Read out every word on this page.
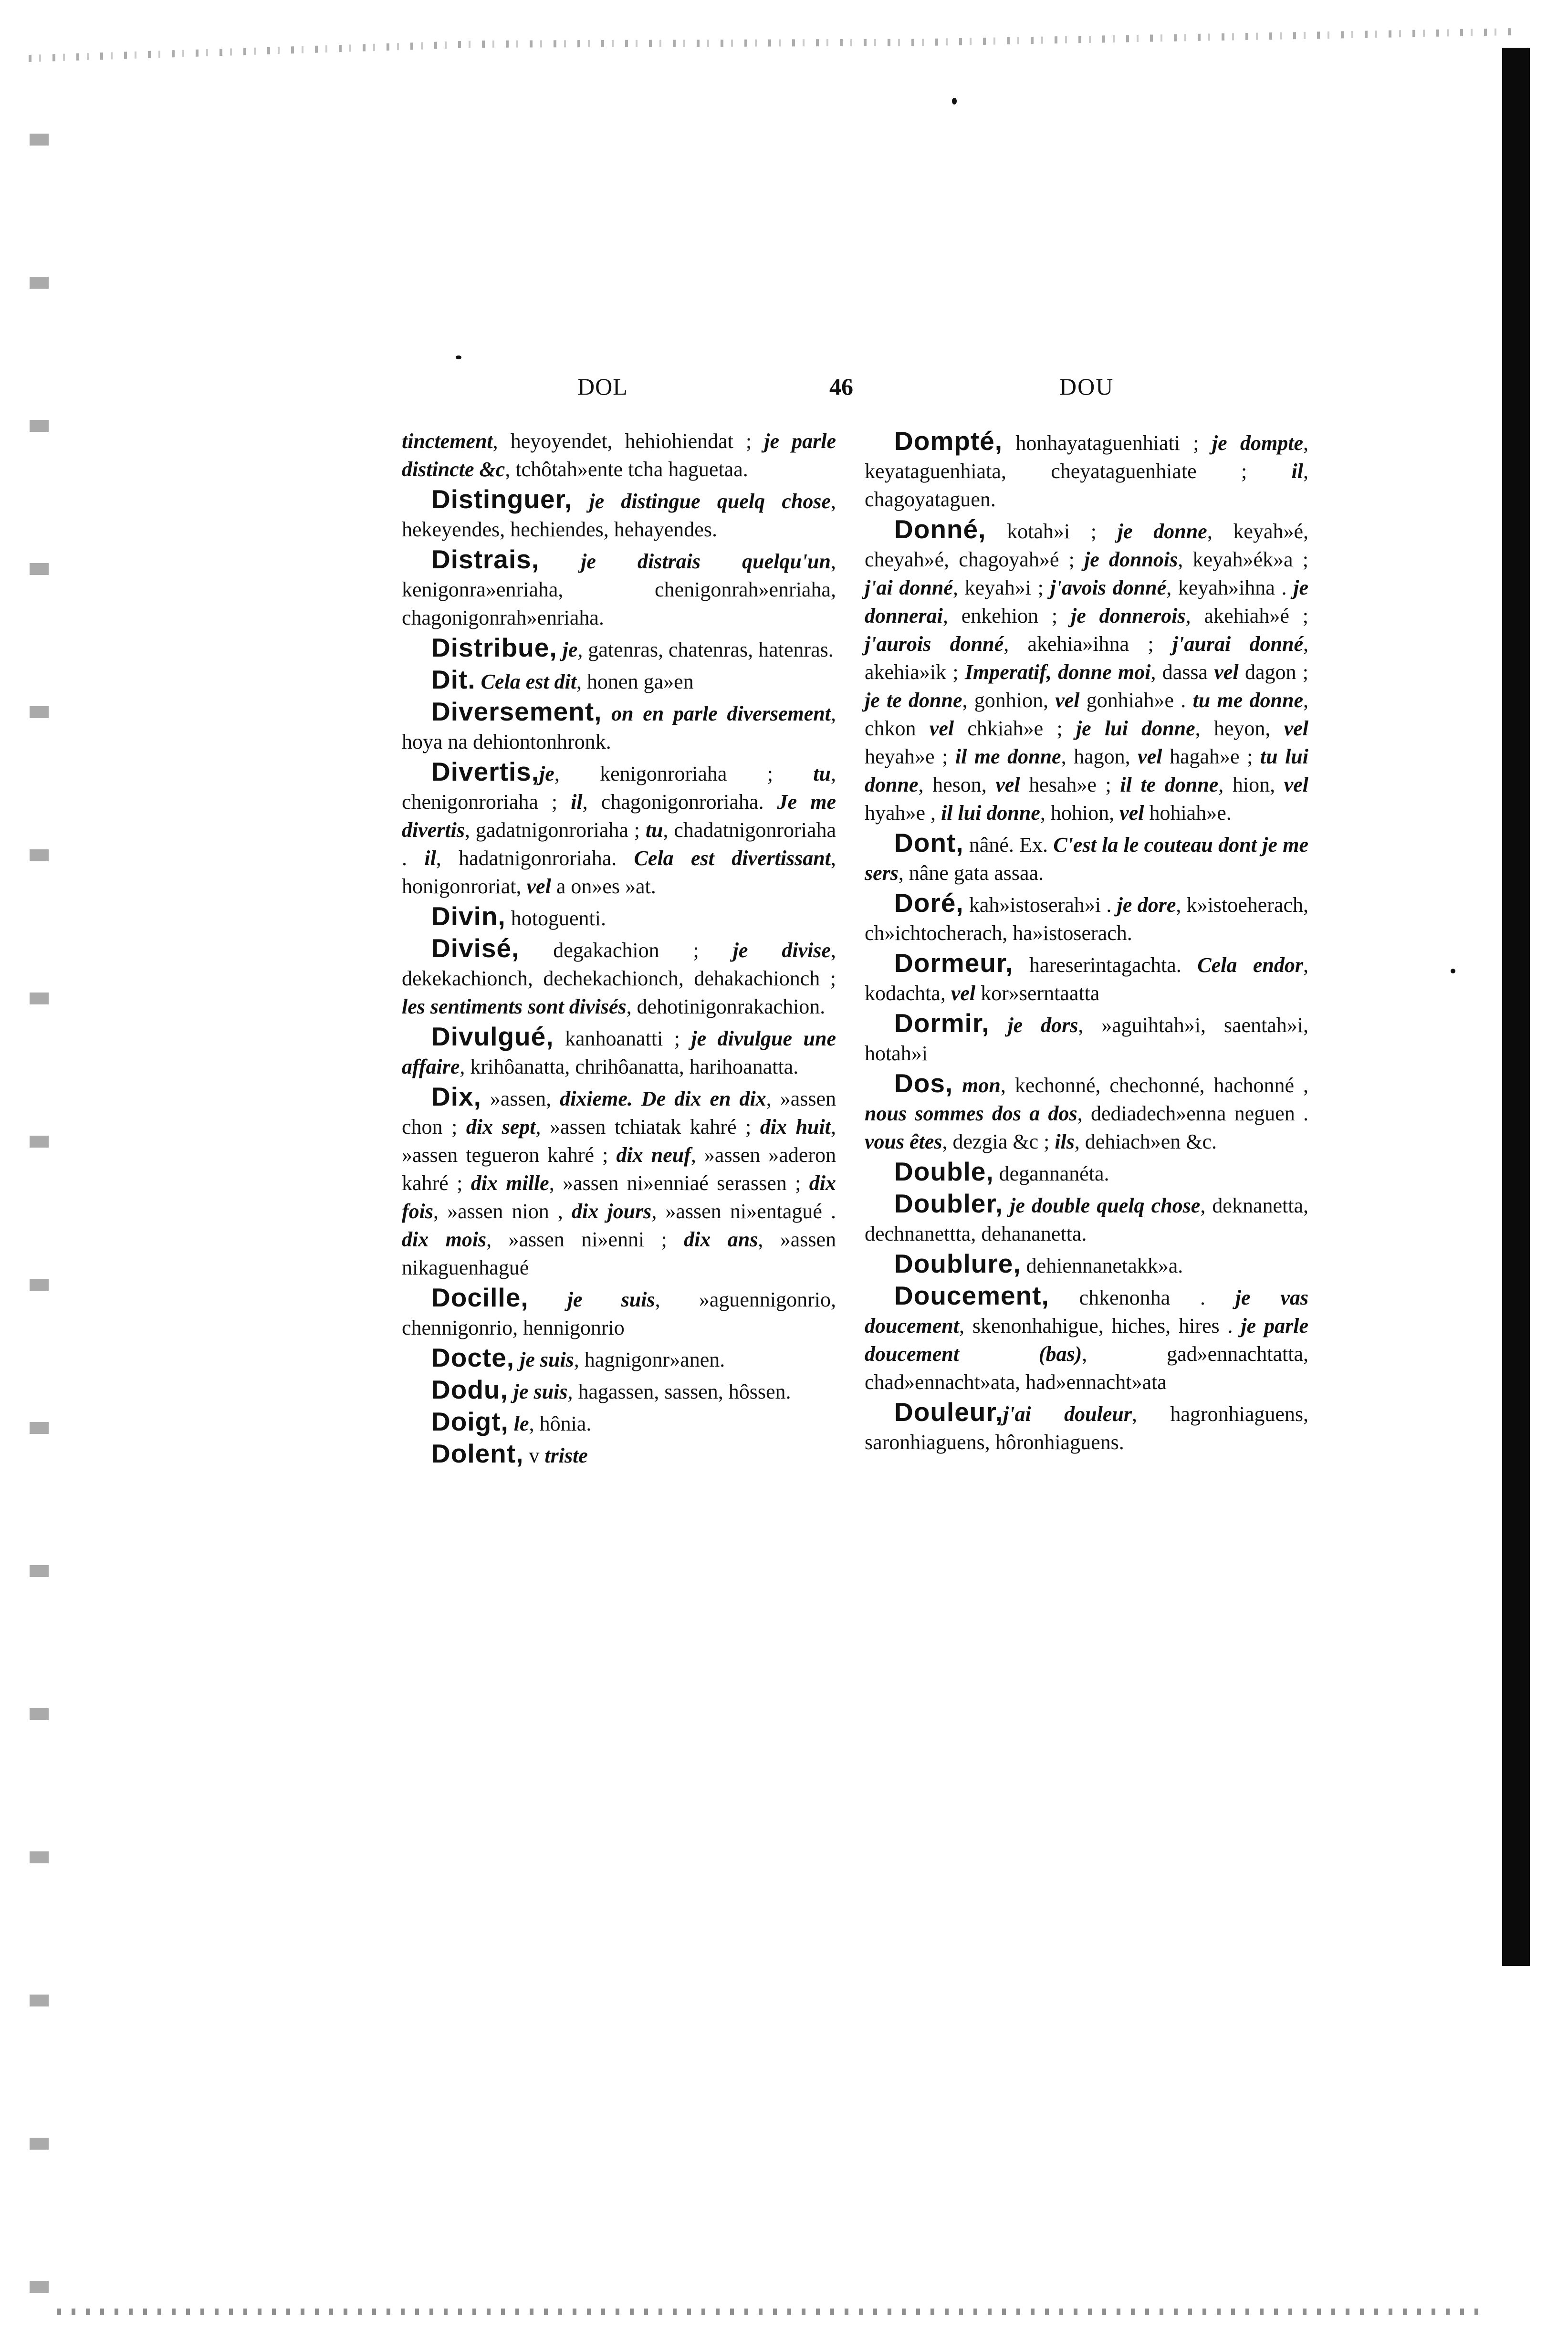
DOL	46	DOU

tinctement, heyoyendet, hehiohiendat ; je parle distincte &c, tchôtah»ente tcha haguetaa.

Distinguer, je distingue quelq chose, hekeyendes, hechiendes, hehayendes.

Distrais, je distrais quelqu'un, kenigonra»enriaha, chenigonrah»enriaha, chagonigonrah»enriaha.

Distribue, je, gatenras, chatenras, hatenras.

Dit. Cela est dit, honen ga»en

Diversement, on en parle diversement, hoya na dehiontonhronk.

Divertis,je, kenigonroriaha ; tu, chenigonroriaha ; il, chagonigonroriaha. Je me divertis, gadatnigonroriaha ; tu, chadatnigonroriaha . il, hadatnigonroriaha. Cela est divertissant, honigonroriat, vel a on»es »at.

Divin, hotoguenti.

Divisé, degakachion ; je divise, dekekachionch, dechekachionch, dehakachionch ; les sentiments sont divisés, dehotinigonrakachion.

Divulgué, kanhoanatti ; je divulgue une affaire, krihôanatta, chrihôanatta, harihoanatta.

Dix, »assen, dixieme. De dix en dix, »assen chon ; dix sept, »assen tchiatak kahré ; dix huit, »assen tegueron kahré ; dix neuf, »assen »aderon kahré ; dix mille, »assen ni»enniaé serassen ; dix fois, »assen nion , dix jours, »assen ni»entagué . dix mois, »assen ni»enni ; dix ans, »assen nikaguenhagué

Docille, je suis, »aguennigonrio, chennigonrio, hennigonrio

Docte, je suis, hagnigonr»anen.

Dodu, je suis, hagassen, sassen, hôssen.

Doigt, le, hônia.

Dolent, v triste

Dompté, honhayataguenhiati ; je dompte, keyataguenhiata, cheyataguenhiate ; il, chagoyataguen.

Donné, kotah»i ; je donne, keyah»é, cheyah»é, chagoyah»é ; je donnois, keyah»ék»a ; j'ai donné, keyah»i ; j'avois donné, keyah»ihna . je donnerai, enkehion ; je donnerois, akehiah»é ; j'aurois donné, akehia»ihna ; j'aurai donné, akehia»ik ; Imperatif, donne moi, dassa vel dagon ; je te donne, gonhion, vel gonhiah»e . tu me donne, chkon vel chkiah»e ; je lui donne, heyon, vel heyah»e ; il me donne, hagon, vel hagah»e ; tu lui donne, heson, vel hesah»e ; il te donne, hion, vel hyah»e , il lui donne, hohion, vel hohiah»e.

Dont, nâné. Ex. C'est la le couteau dont je me sers, nâne gata assaa.

Doré, kah»istoserah»i . je dore, k»istoeherach, ch»ichtocherach, ha»istoserach.

Dormeur, hareserintagachta. Cela endor, kodachta, vel kor»serntaatta

Dormir, je dors, »aguihtah»i, saentah»i, hotah»i

Dos, mon, kechonné, chechonné, hachonné , nous sommes dos a dos, dediadech»enna neguen . vous êtes, dezgia &c ; ils, dehiach»en &c.

Double, degannanéta.

Doubler, je double quelq chose, deknanetta, dechnanettta, dehananetta.

Doublure, dehiennanetakk»a.

Doucement, chkenonha . je vas doucement, skenonhahigue, hiches, hires . je parle doucement (bas), gad»ennachtatta, chad»ennacht»ata, had»ennacht»ata

Douleur,j'ai douleur, hagronhiaguens, saronhiaguens, hôronhiaguens.
